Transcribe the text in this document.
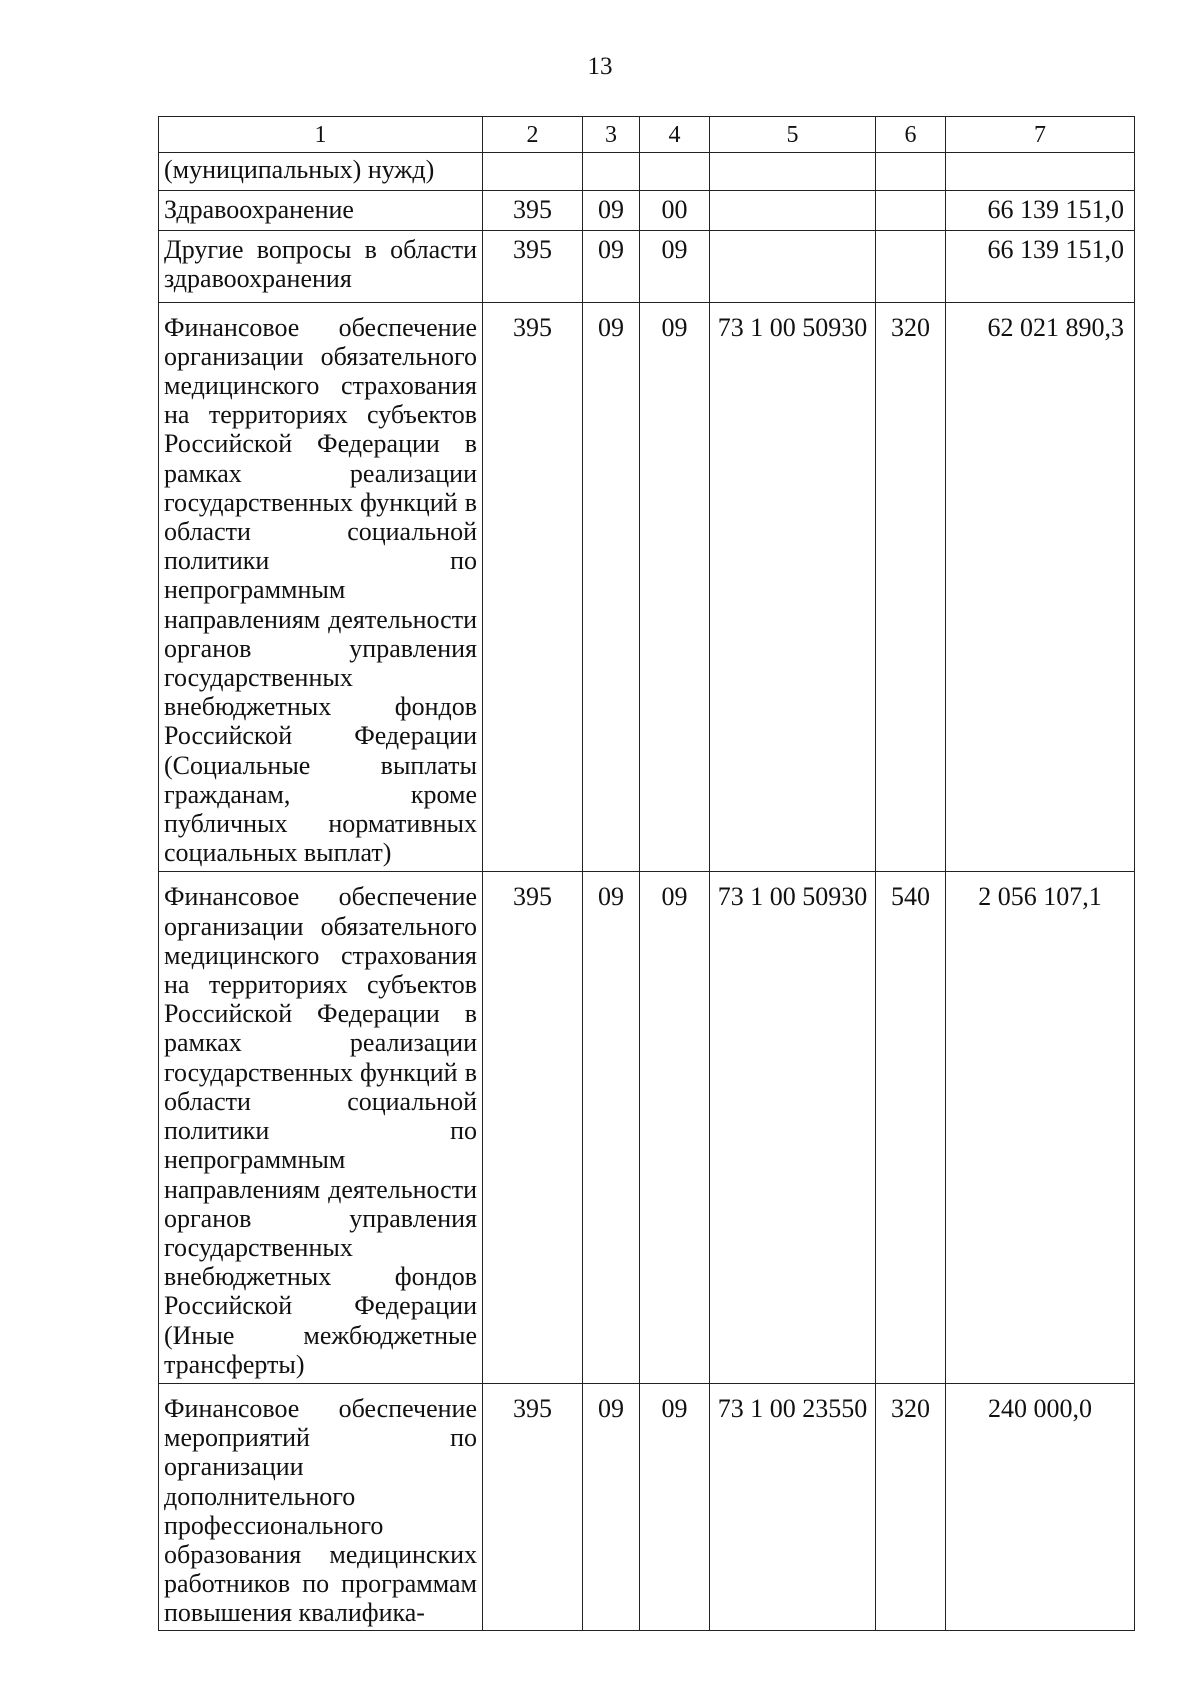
13
1	2	3	4	5	6	7
(муниципальных) нужд)						
Здравоохранение	395	09	00			66 139 151,0
Другие вопросы в области здравоохранения	395	09	09			66 139 151,0
Финансовое обеспечение организации обязательного медицинского страхования на территориях субъектов Российской Федерации в рамках реализации государственных функций в области социальной политики по непрограммным направлениям деятельности органов управления государственных внебюджетных фондов Российской Федерации (Социальные выплаты гражданам, кроме публичных нормативных социальных выплат)	395	09	09	73 1 00 50930	320	62 021 890,3
Финансовое обеспечение организации обязательного медицинского страхования на территориях субъектов Российской Федерации в рамках реализации государственных функций в области социальной политики по непрограммным направлениям деятельности органов управления государственных внебюджетных фондов Российской Федерации (Иные межбюджетные трансферты)	395	09	09	73 1 00 50930	540	2 056 107,1
Финансовое обеспечение мероприятий по организации дополнительного профессионального образования медицинских работников по программам повышения квалифика-	395	09	09	73 1 00 23550	320	240 000,0
